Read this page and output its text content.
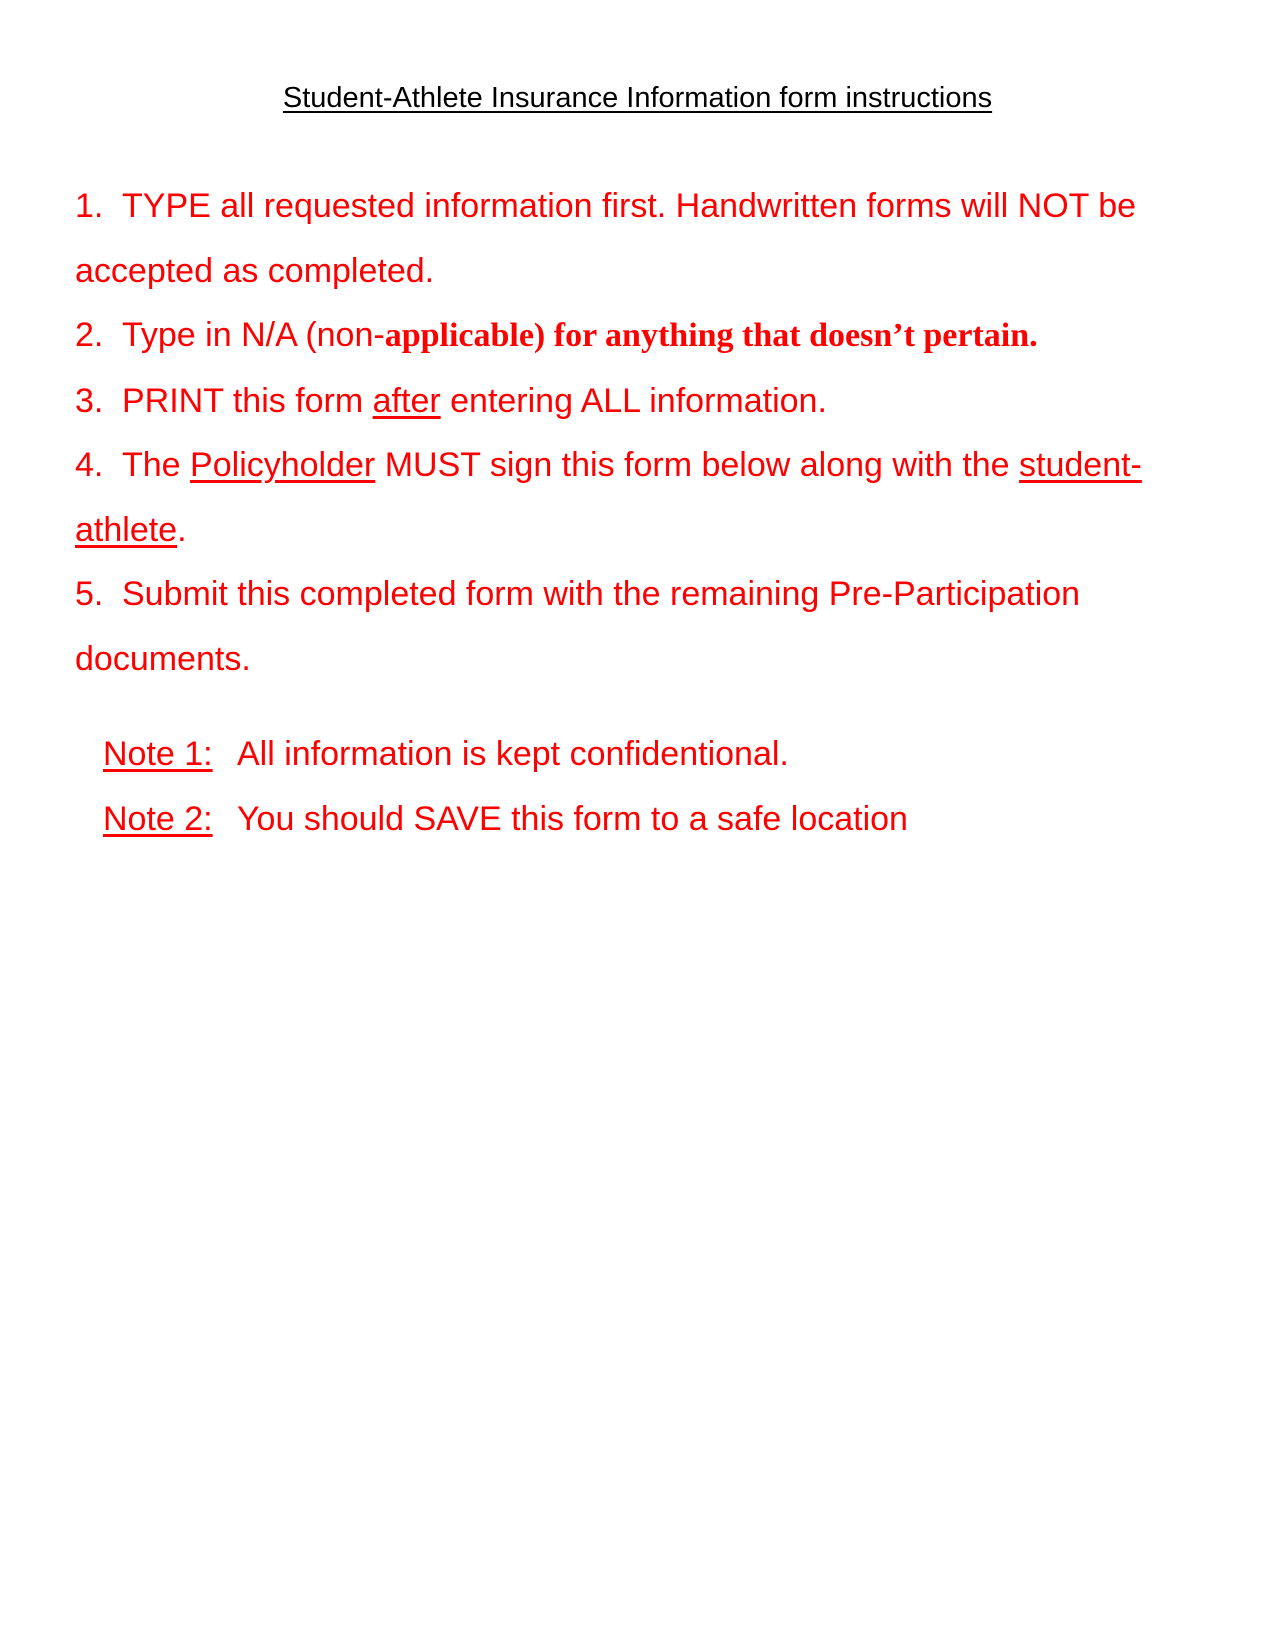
Student-Athlete Insurance Information form instructions
1. TYPE all requested information first. Handwritten forms will NOT be accepted as completed.
2. Type in N/A (non-applicable) for anything that doesn’t pertain.
3. PRINT this form after entering ALL information.
4. The Policyholder MUST sign this form below along with the student-athlete.
5. Submit this completed form with the remaining Pre-Participation documents.
Note 1: All information is kept confidentional.
Note 2: You should SAVE this form to a safe location
